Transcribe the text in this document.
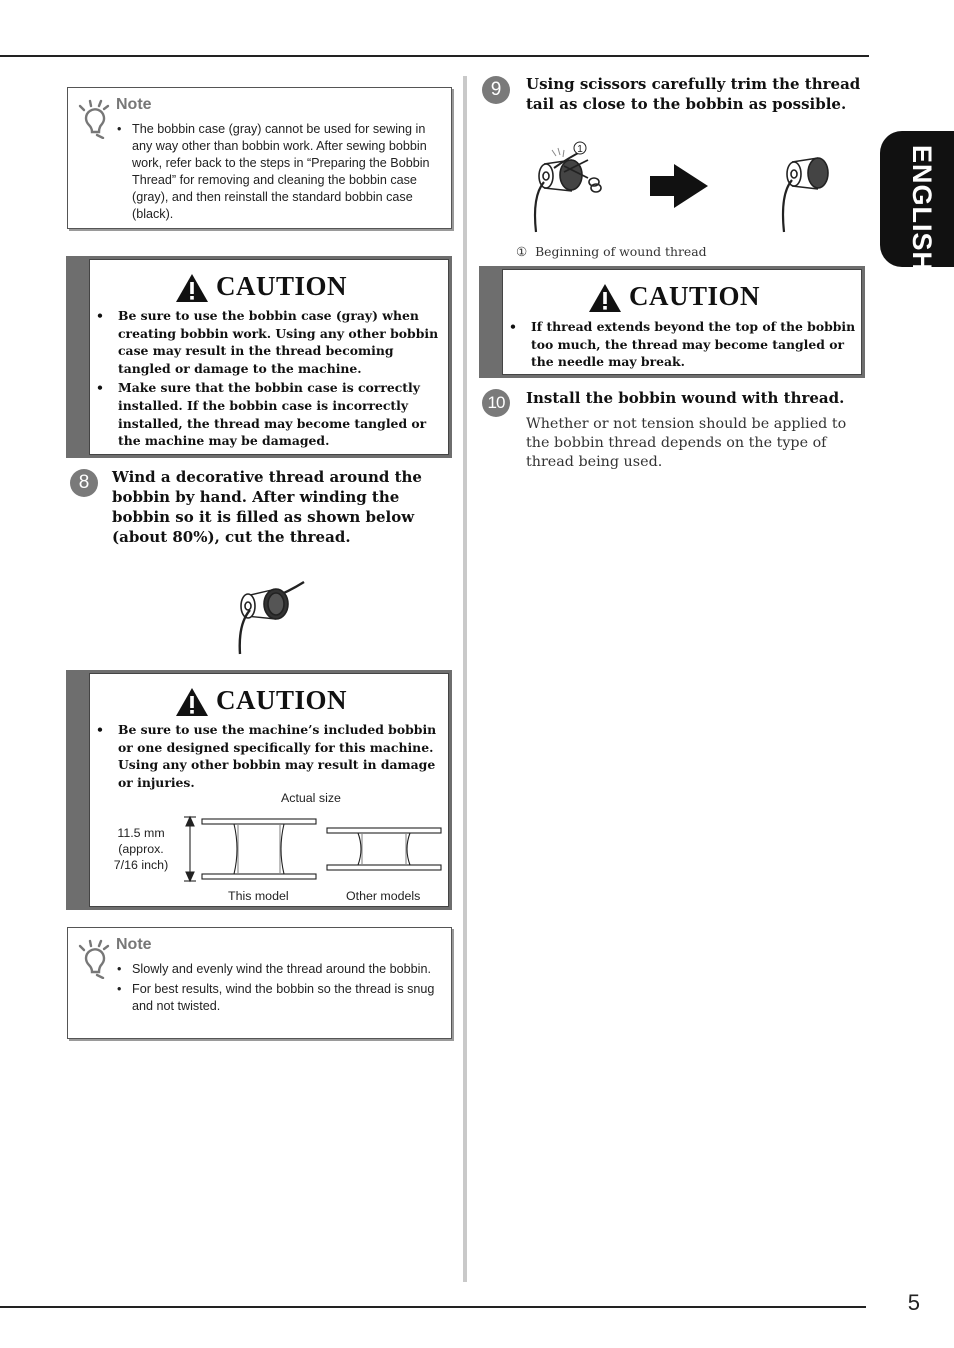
5
ENGLISH
Note
• The bobbin case (gray) cannot be used for sewing in any way other than bobbin work. After sewing bobbin work, refer back to the steps in “Preparing the Bobbin Thread” for removing and cleaning the bobbin case (gray), and then reinstall the standard bobbin case (black).
CAUTION
• Be sure to use the bobbin case (gray) when creating bobbin work. Using any other bobbin case may result in the thread becoming tangled or damage to the machine.
• Make sure that the bobbin case is correctly installed. If the bobbin case is incorrectly installed, the thread may become tangled or the machine may be damaged.
8	Wind a decorative thread around the bobbin by hand. After winding the bobbin so it is filled as shown below (about 80%), cut the thread.
CAUTION
• Be sure to use the machine’s included bobbin or one designed specifically for this machine. Using any other bobbin may result in damage or injuries.
Actual size
11.5 mm
(approx.
7/16 inch)
This model	Other models
Note
• Slowly and evenly wind the thread around the bobbin.
• For best results, wind the bobbin so the thread is snug and not twisted.
9	Using scissors carefully trim the thread tail as close to the bobbin as possible.
1
① Beginning of wound thread
CAUTION
• If thread extends beyond the top of the bobbin too much, the thread may become tangled or the needle may break.
10	Install the bobbin wound with thread.
Whether or not tension should be applied to the bobbin thread depends on the type of thread being used.
